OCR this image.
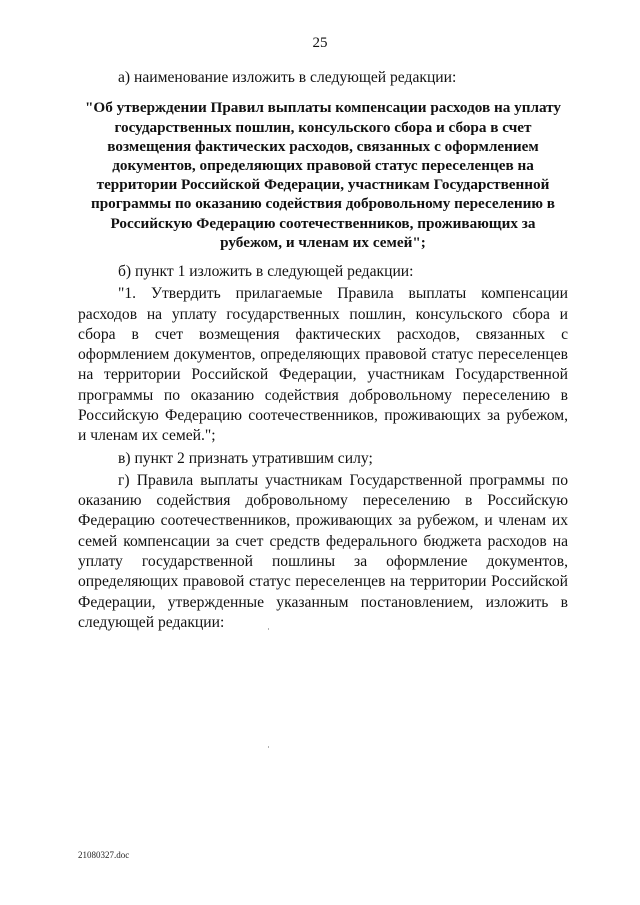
25

а) наименование изложить в следующей редакции:

"Об утверждении Правил выплаты компенсации расходов на уплату государственных пошлин, консульского сбора и сбора в счет возмещения фактических расходов, связанных с оформлением документов, определяющих правовой статус переселенцев на территории Российской Федерации, участникам Государственной программы по оказанию содействия добровольному переселению в Российскую Федерацию соотечественников, проживающих за рубежом, и членам их семей";

б) пункт 1 изложить в следующей редакции:

"1. Утвердить прилагаемые Правила выплаты компенсации расходов на уплату государственных пошлин, консульского сбора и сбора в счет возмещения фактических расходов, связанных с оформлением документов, определяющих правовой статус переселенцев на территории Российской Федерации, участникам Государственной программы по оказанию содействия добровольному переселению в Российскую Федерацию соотечественников, проживающих за рубежом, и членам их семей.";

в) пункт 2 признать утратившим силу;

г) Правила выплаты участникам Государственной программы по оказанию содействия добровольному переселению в Российскую Федерацию соотечественников, проживающих за рубежом, и членам их семей компенсации за счет средств федерального бюджета расходов на уплату государственной пошлины за оформление документов, определяющих правовой статус переселенцев на территории Российской Федерации, утвержденные указанным постановлением, изложить в следующей редакции:

21080327.doc
